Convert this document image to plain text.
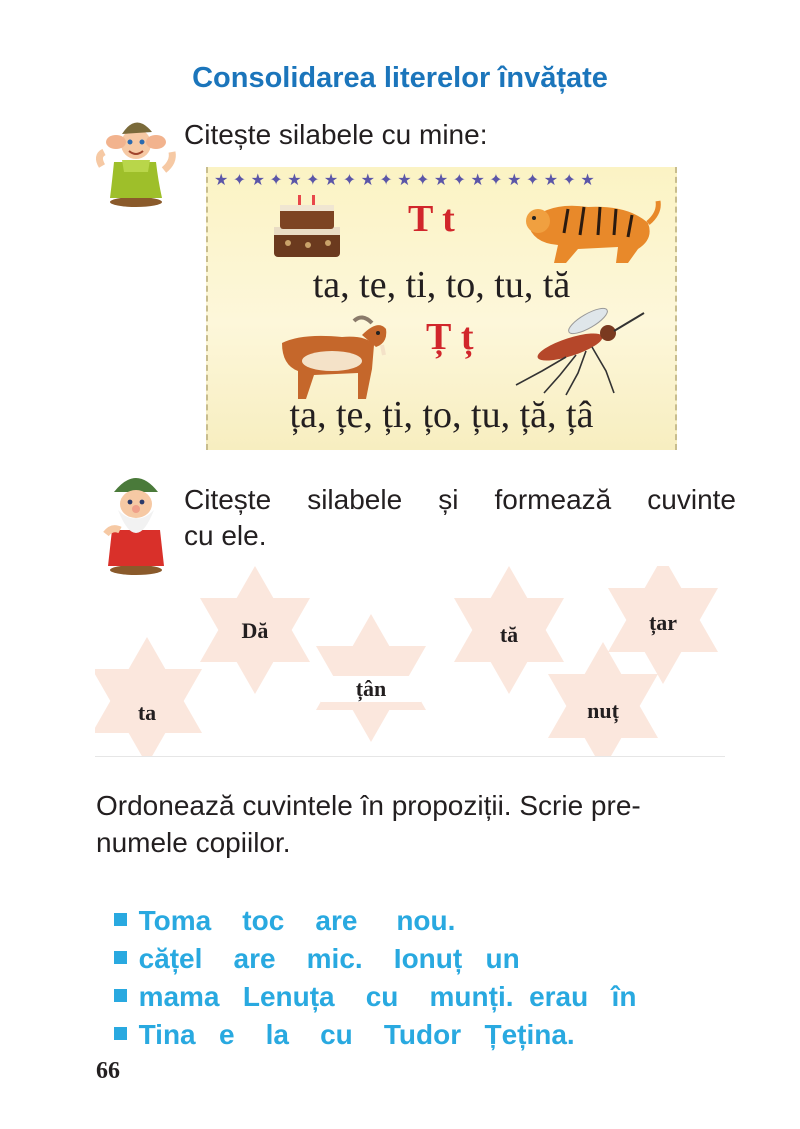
Consolidarea literelor învățate
Citește silabele cu mine:
★ ✦ ★ ✦ ★ ✦ ★ ✦ ★ ✦ ★ ✦ ★ ✦ ★ ✦ ★ ✦ ★ ✦ ★
T t
ta, te, ti, to, tu, tă
Ț ț
ța, țe, ți, țo, țu, ță, țâ
Citește silabele și formează cuvinte
cu ele.
Dă
ta
țân
tă	țar
nuț
Ordonează cuvintele în propoziții. Scrie pre-
numele copiilor.

Toma    toc    are     nou.

cățel    are    mic.    Ionuț   un

mama   Lenuța    cu    munți.  erau   în

Tina   e    la    cu    Tudor   Țețina.

66
